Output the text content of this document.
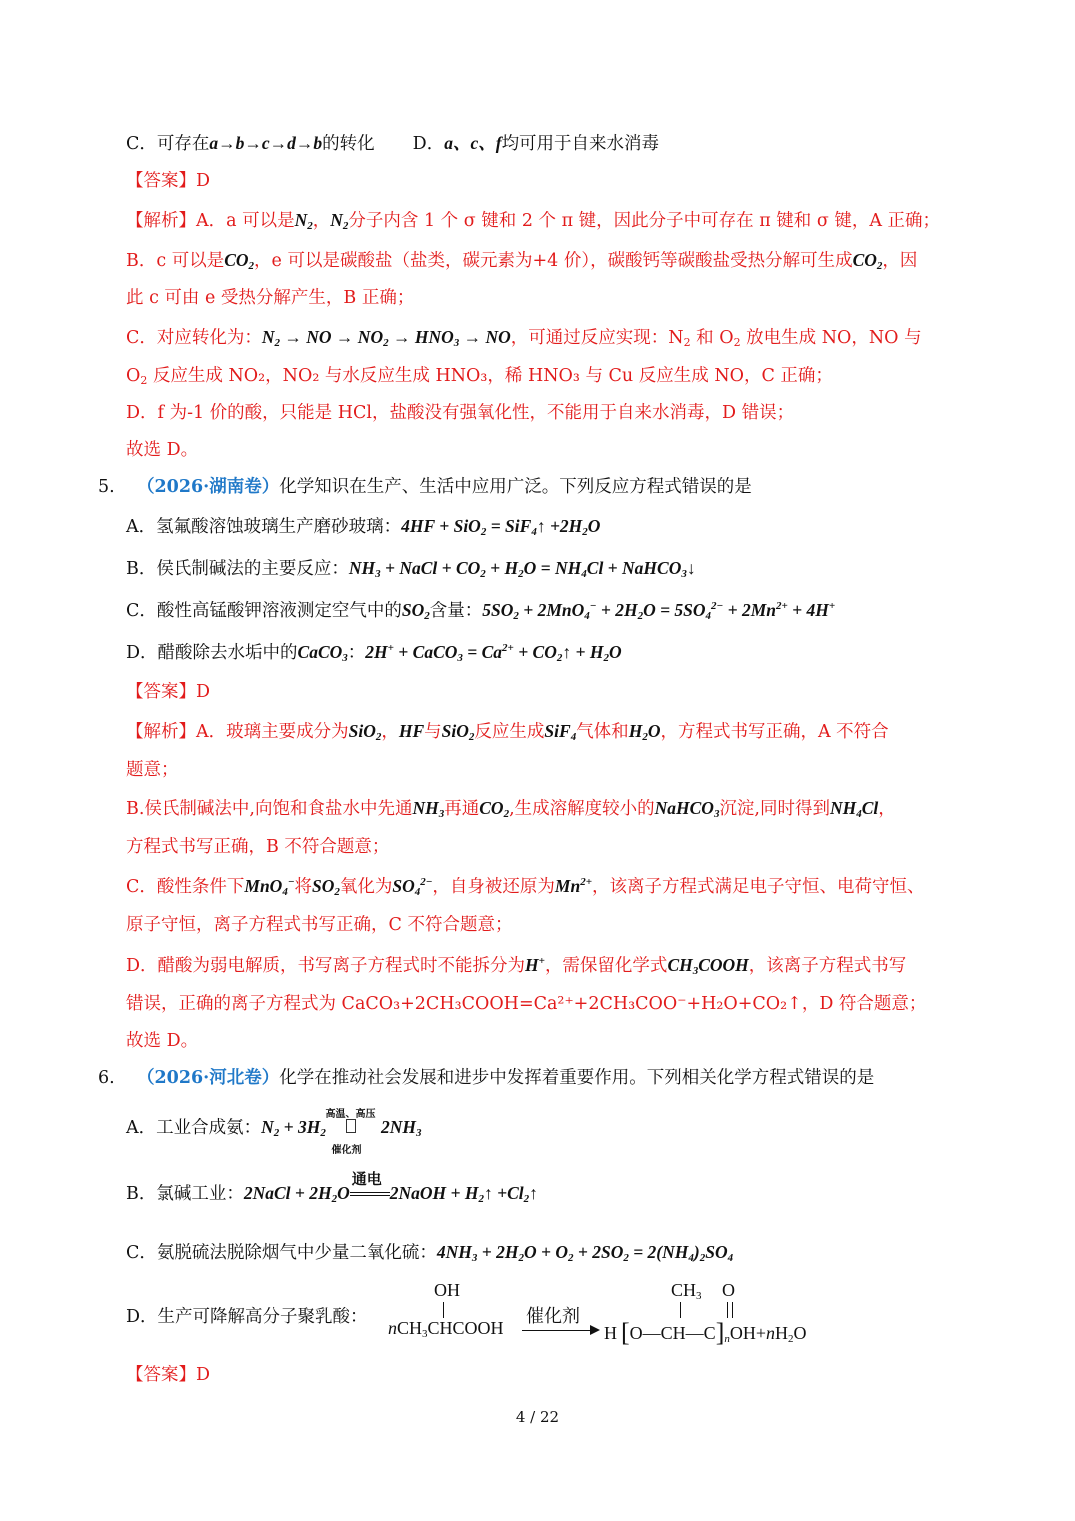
C．可存在a→b→c→d→b的转化 D．a、c、f均可用于自来水消毒
【答案】D
【解析】A．a 可以是$N_2$，$N_2$分子内含 1 个 σ 键和 2 个 π 键，因此分子中可存在 π 键和 σ 键，A 正确；
B．c 可以是$CO_2$，e 可以是碳酸盐（盐类，碳元素为+4 价），碳酸钙等碳酸盐受热分解可生成$CO_2$，因
此 c 可由 e 受热分解产生，B 正确；
C．对应转化为：$N_2$ → NO → $NO_2 \to HNO_3$ → NO，可通过反应实现：$N_2$ 和 $O_2$ 放电生成 NO，NO 与
$O_2$ 反应生成 NO₂，NO₂ 与水反应生成 HNO₃，稀 HNO₃ 与 Cu 反应生成 NO，C 正确；
D．f 为-1 价的酸，只能是 HCl，盐酸没有强氧化性，不能用于自来水消毒，D 错误；
故选 D。
5. （2026·湖南卷）化学知识在生产、生活中应用广泛。下列反应方程式错误的是
A．氢氟酸溶蚀玻璃生产磨砂玻璃：4HF + SiO$_2$ = SiF$_4$↑ $+2H_2O$
B．侯氏制碱法的主要反应：$NH_3$ + NaCl + $CO_2 + H_2O = NH_4Cl$ + NaHCO$_3$↓
C．酸性高锰酸钾溶液测定空气中的$SO_2$含量：$5SO_2 + 2MnO_4^- + 2H_2O = 5SO_4^{2-} + 2Mn^{2+} + 4H^+$
D．醋酸除去水垢中的CaCO$_3$：2H+ + CaCO$_3$ = $Ca^{2+}$ + $CO_2↑ + H_2O$
【答案】D
【解析】A．玻璃主要成分为SiO$_2$，HF与SiO$_2$反应生成SiF$_4$气体和$H_2O$，方程式书写正确，A 不符合
题意；
B.侯氏制碱法中,向饱和食盐水中先通$NH_3$再通$CO_2$,生成溶解度较小的NaHCO$_3$沉淀,同时得到$NH_4Cl$，
方程式书写正确，B 不符合题意；
C．酸性条件下MnO$_4$−将$SO_2$氧化为$SO_4^{2-}$，自身被还原为$Mn^{2+}$，该离子方程式满足电子守恒、电荷守恒、
原子守恒，离子方程式书写正确，C 不符合题意；
D．醋酸为弱电解质，书写离子方程式时不能拆分为H+，需保留化学式$CH_3COOH$，该离子方程式书写
错误，正确的离子方程式为 CaCO₃+2CH₃COOH=Ca²⁺+2CH₃COO⁻+H₂O+CO₂↑，D 符合题意；
故选 D。
6. （2026·河北卷）化学在推动社会发展和进步中发挥着重要作用。下列相关化学方程式错误的是
A．工业合成氨：$N_2 + 3H_2$
高温、高压
催化剂
$2NH_3$
B．氯碱工业：2NaCl + $2H_2O$
通电
2NaOH + $H_2↑$ $+Cl_2↑$
C．氨脱硫法脱除烟气中少量二氧化硫：$4NH_3 + 2H_2O + O_2 + 2SO_2 = 2(NH_4)_2SO_4$
D．生产可降解高分子聚乳酸：
OH
nCH$_3$CHCOOH
催化剂
H $[O—CH—C]_nOH+nH_2O$
$CH_3$ O
【答案】D
4 / 22
